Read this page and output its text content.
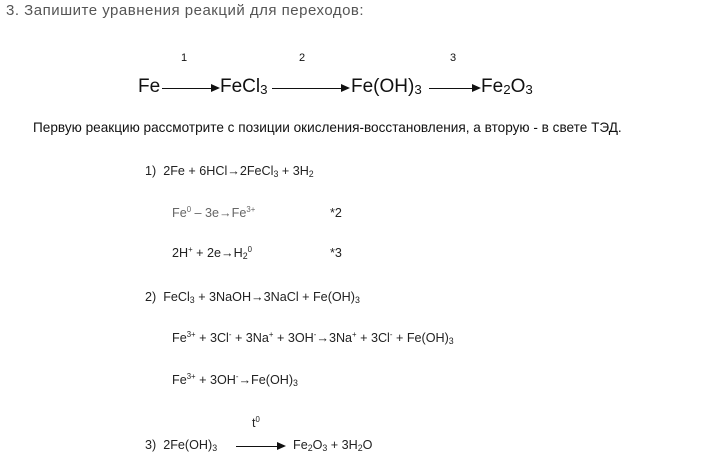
3. Запишите уравнения реакций для переходов:
1	2	3
Fe	FeCl$_3$	$Fe(OH)_3$	$Fe_2O_3$
Первую реакцию рассмотрите с позиции окисления-восстановления, а вторую - в свете ТЭД.
1) 2Fe + 6HCl→2FeCl$_3$ + $3H_2$
$Fe^0 - 3e\to Fe^{3+}$	*2
$2H^+ + 2e\to H_2^0$	*3
2) FeCl$_3$ + 3NaOH→3NaCl + $Fe(OH)_3$
$Fe^{3+} + 3Cl^- + 3Na^+ + 3OH^-\to 3Na^+ + 3Cl^- + Fe(OH)_3$
$Fe^{3+} + 3OH^-\to Fe(OH)_3$
$t^0$
3) $2Fe(OH)_3 \to Fe_2O_3 + 3H_2O$
